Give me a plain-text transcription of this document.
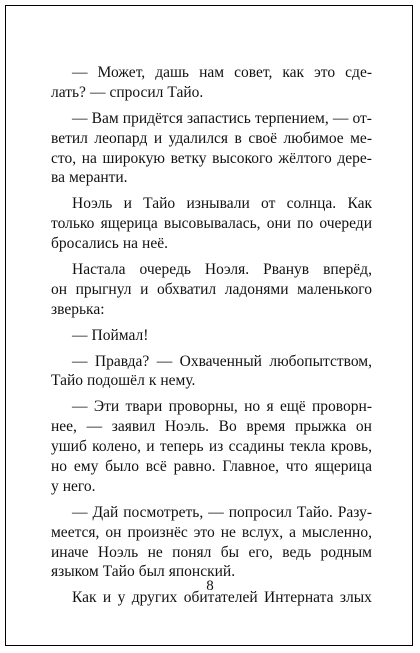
— Может, дашь нам совет, как это сде-
лать? — спросил Тайо.
— Вам придётся запастись терпением, — от-
ветил леопард и удалился в своё любимое ме-
сто, на широкую ветку высокого жёлтого дере-
ва меранти.
Ноэль и Тайо изнывали от солнца. Как
только ящерица высовывалась, они по очереди
бросались на неё.
Настала очередь Ноэля. Рванув вперёд,
он прыгнул и обхватил ладонями маленького
зверька:
— Поймал!
— Правда? — Охваченный любопытством,
Тайо подошёл к нему.
— Эти твари проворны, но я ещё проворн-
нее, — заявил Ноэль. Во время прыжка он
ушиб колено, и теперь из ссадины текла кровь,
но ему было всё равно. Главное, что ящерица
у него.
— Дай посмотреть, — попросил Тайо. Разу-
меется, он произнёс это не вслух, а мысленно,
иначе Ноэль не понял бы его, ведь родным
языком Тайо был японский.
Как и у других обитателей Интерната злых
8
